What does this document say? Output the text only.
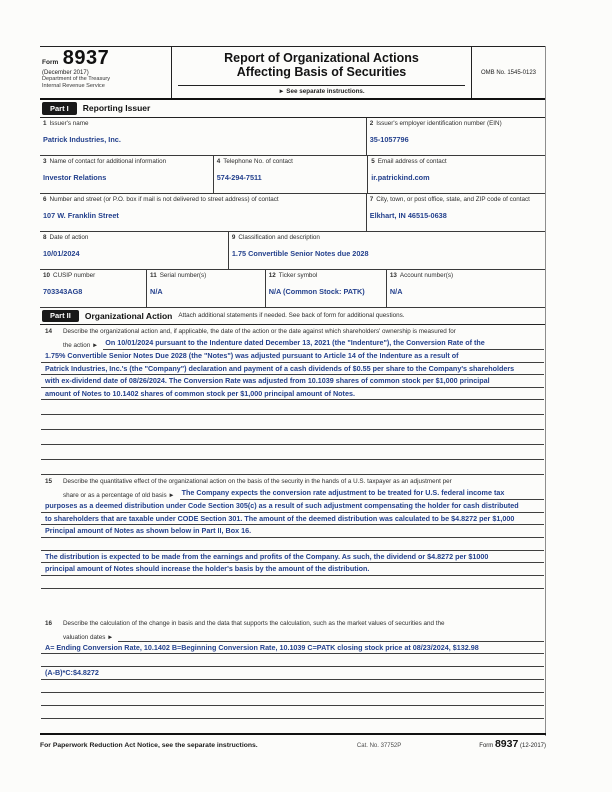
Form 8937
(December 2017)
Department of the Treasury
Internal Revenue Service
Report of Organizational Actions
Affecting Basis of Securities
► See separate instructions.
OMB No. 1545-0123
Part I	Reporting Issuer
1 Issuer's name
Patrick Industries, Inc.
2 Issuer's employer identification number (EIN)
35-1057796
3 Name of contact for additional information
Investor Relations
4 Telephone No. of contact
574-294-7511
5 Email address of contact
ir.patrickind.com
6 Number and street (or P.O. box if mail is not delivered to street address) of contact
107 W. Franklin Street
7 City, town, or post office, state, and ZIP code of contact
Elkhart, IN 46515-0638
8 Date of action
10/01/2024
9 Classification and description
1.75 Convertible Senior Notes due 2028
10 CUSIP number
703343AG8
11 Serial number(s)
N/A
12 Ticker symbol
N/A (Common Stock: PATK)
13 Account number(s)
N/A
Part II	Organizational Action Attach additional statements if needed. See back of form for additional questions.
14	Describe the organizational action and, if applicable, the date of the action or the date against which shareholders' ownership is measured for
the action ► On 10/01/2024 pursuant to the Indenture dated December 13, 2021 (the "Indenture"), the Conversion Rate of the
1.75% Convertible Senior Notes Due 2028 (the "Notes") was adjusted pursuant to Article 14 of the Indenture as a result of
Patrick Industries, Inc.'s (the "Company") declaration and payment of a cash dividends of $0.55 per share to the Company's shareholders
with ex-dividend date of 08/26/2024. The Conversion Rate was adjusted from 10.1039 shares of common stock per $1,000 principal
amount of Notes to 10.1402 shares of common stock per $1,000 principal amount of Notes.
15	Describe the quantitative effect of the organizational action on the basis of the security in the hands of a U.S. taxpayer as an adjustment per
share or as a percentage of old basis ► The Company expects the conversion rate adjustment to be treated for U.S. federal income tax
purposes as a deemed distribution under Code Section 305(c) as a result of such adjustment compensating the holder for cash distributed
to shareholders that are taxable under CODE Section 301. The amount of the deemed distribution was calculated to be $4.8272 per $1,000
Principal amount of Notes as shown below in Part II, Box 16.
The distribution is expected to be made from the earnings and profits of the Company. As such, the dividend or $4.8272 per $1000
principal amount of Notes should increase the holder's basis by the amount of the distribution.
16	Describe the calculation of the change in basis and the data that supports the calculation, such as the market values of securities and the
valuation dates ►
A= Ending Conversion Rate, 10.1402 B=Beginning Conversion Rate, 10.1039 C=PATK closing stock price at 08/23/2024, $132.98
(A-B)*C:$4.8272
For Paperwork Reduction Act Notice, see the separate instructions.	Cat. No. 37752P	Form 8937 (12-2017)
